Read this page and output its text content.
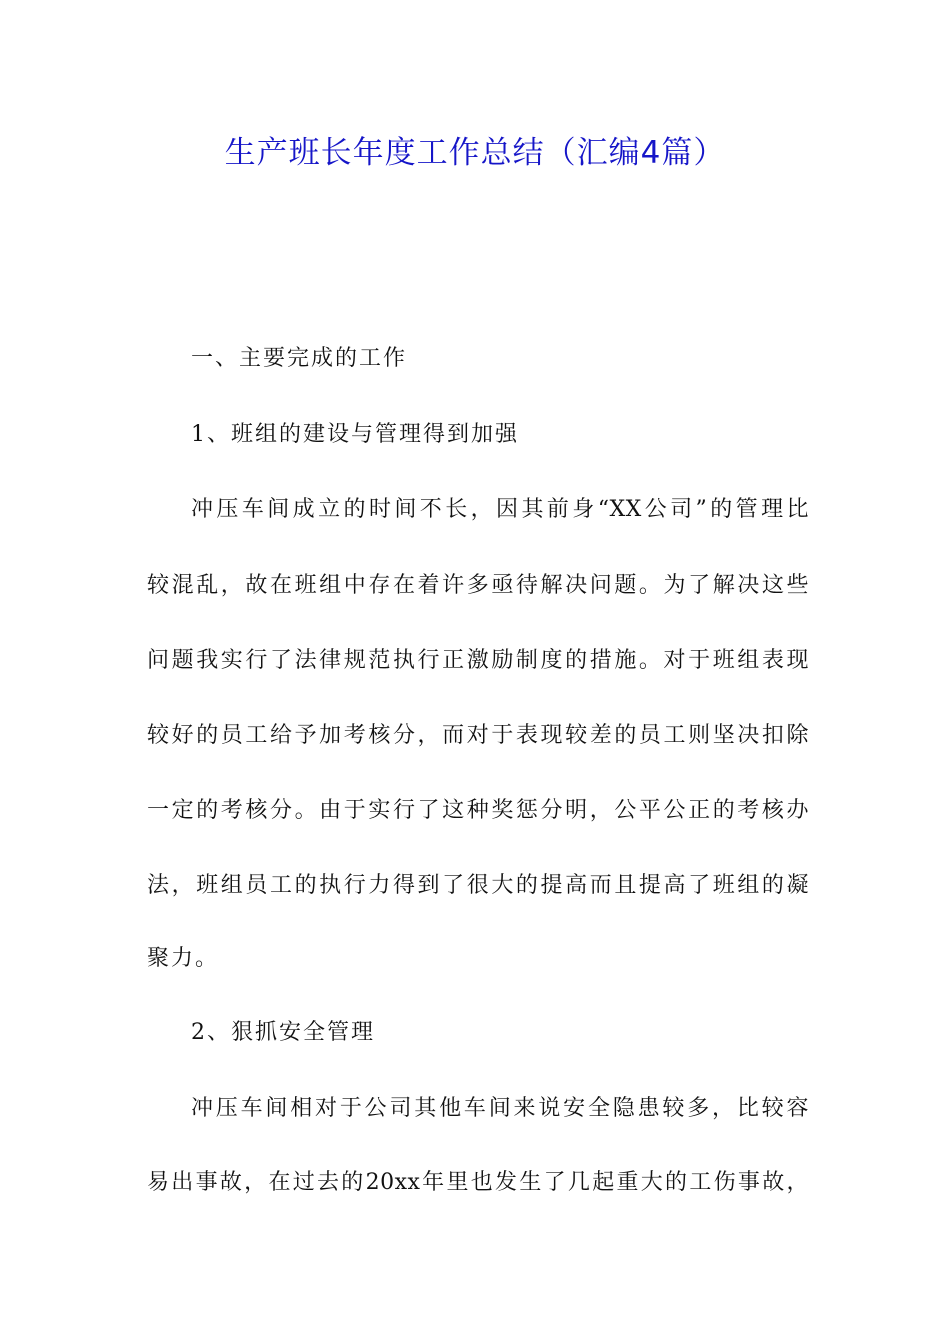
生产班长年度工作总结（汇编4篇）
一、主要完成的工作
1、班组的建设与管理得到加强
冲压车间成立的时间不长，因其前身“XX公司”的管理比
较混乱，故在班组中存在着许多亟待解决问题。为了解决这些
问题我实行了法律规范执行正激励制度的措施。对于班组表现
较好的员工给予加考核分，而对于表现较差的员工则坚决扣除
一定的考核分。由于实行了这种奖惩分明，公平公正的考核办
法，班组员工的执行力得到了很大的提高而且提高了班组的凝
聚力。
2、狠抓安全管理
冲压车间相对于公司其他车间来说安全隐患较多，比较容
易出事故，在过去的20xx年里也发生了几起重大的工伤事故，
